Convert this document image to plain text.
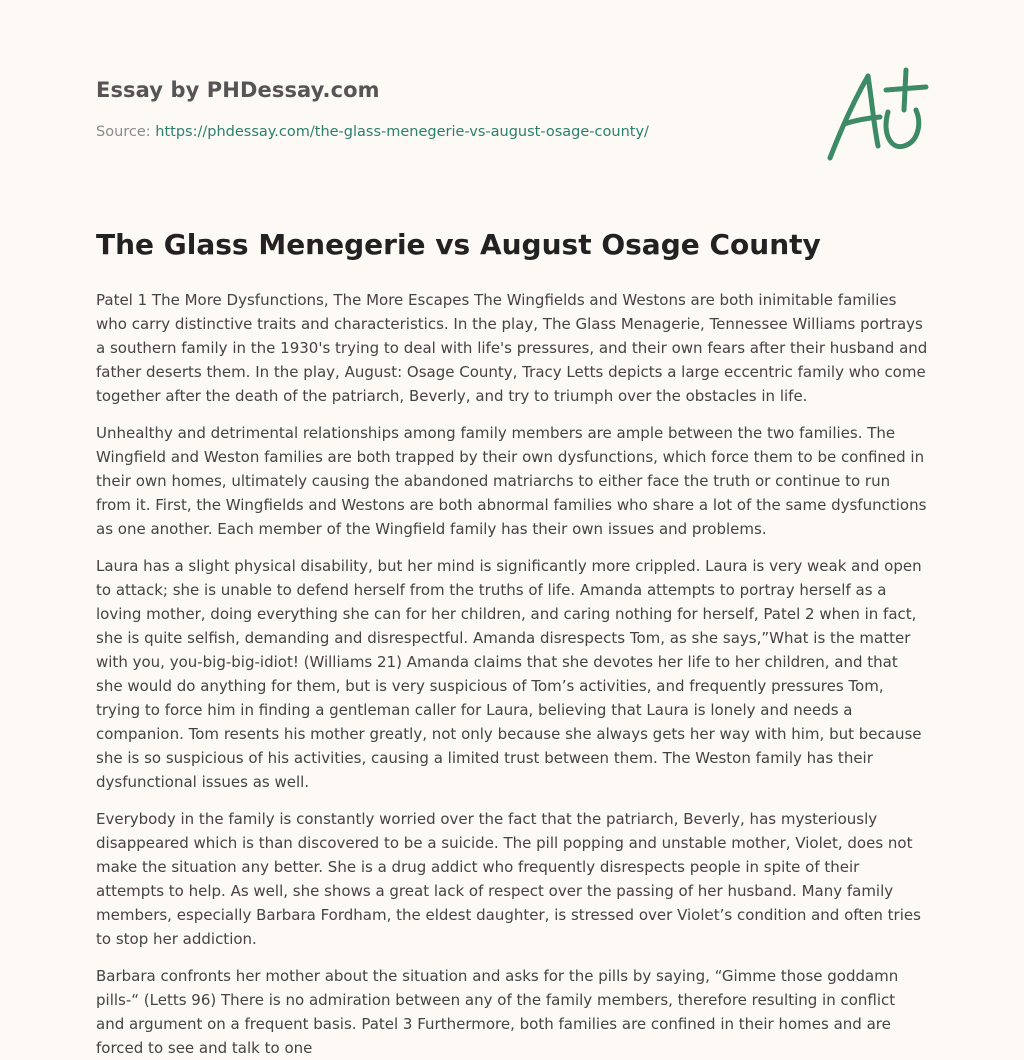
Essay by PHDessay.com
Source: https://phdessay.com/the-glass-menegerie-vs-august-osage-county/
The Glass Menegerie vs August Osage County

Patel 1 The More Dysfunctions, The More Escapes The Wingfields and Westons are both inimitable families who carry distinctive traits and characteristics. In the play, The Glass Menagerie, Tennessee Williams portrays a southern family in the 1930's trying to deal with life's pressures, and their own fears after their husband and father deserts them. In the play, August: Osage County, Tracy Letts depicts a large eccentric family who come together after the death of the patriarch, Beverly, and try to triumph over the obstacles in life.

Unhealthy and detrimental relationships among family members are ample between the two families. The Wingfield and Weston families are both trapped by their own dysfunctions, which force them to be confined in their own homes, ultimately causing the abandoned matriarchs to either face the truth or continue to run from it. First, the Wingfields and Westons are both abnormal families who share a lot of the same dysfunctions as one another. Each member of the Wingfield family has their own issues and problems.

Laura has a slight physical disability, but her mind is significantly more crippled. Laura is very weak and open to attack; she is unable to defend herself from the truths of life. Amanda attempts to portray herself as a loving mother, doing everything she can for her children, and caring nothing for herself, Patel 2 when in fact, she is quite selfish, demanding and disrespectful. Amanda disrespects Tom, as she says,”What is the matter with you, you-big-big-idiot! (Williams 21) Amanda claims that she devotes her life to her children, and that she would do anything for them, but is very suspicious of Tom’s activities, and frequently pressures Tom, trying to force him in finding a gentleman caller for Laura, believing that Laura is lonely and needs a companion. Tom resents his mother greatly, not only because she always gets her way with him, but because she is so suspicious of his activities, causing a limited trust between them. The Weston family has their dysfunctional issues as well.

Everybody in the family is constantly worried over the fact that the patriarch, Beverly, has mysteriously disappeared which is than discovered to be a suicide. The pill popping and unstable mother, Violet, does not make the situation any better. She is a drug addict who frequently disrespects people in spite of their attempts to help. As well, she shows a great lack of respect over the passing of her husband. Many family members, especially Barbara Fordham, the eldest daughter, is stressed over Violet’s condition and often tries to stop her addiction.

Barbara confronts her mother about the situation and asks for the pills by saying, “Gimme those goddamn pills-“ (Letts 96) There is no admiration between any of the family members, therefore resulting in conflict and argument on a frequent basis. Patel 3 Furthermore, both families are confined in their homes and are forced to see and talk to one
